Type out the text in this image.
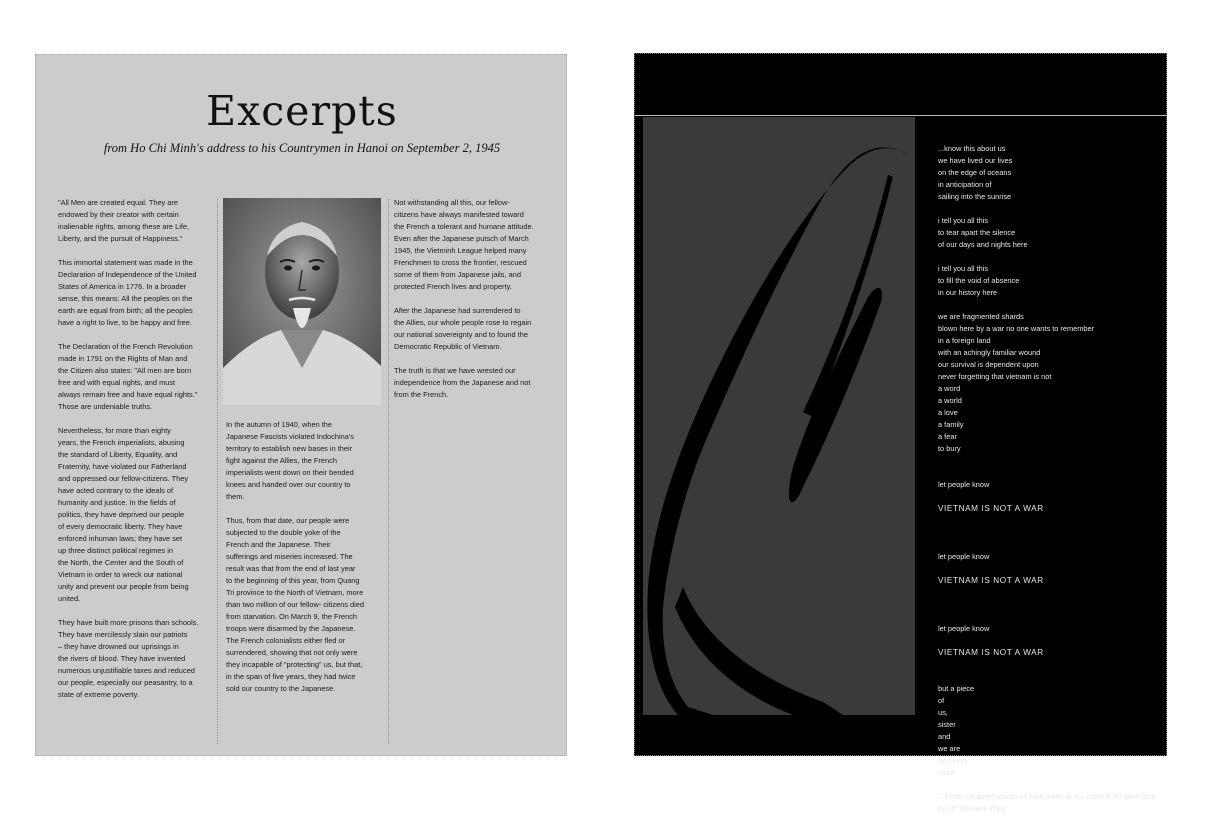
Excerpts

from Ho Chi Minh's address to his Countrymen in Hanoi on September 2, 1945

"All Men are created equal. They are
endowed by their creator with certain
inalienable rights, among these are Life,
Liberty, and the pursuit of Happiness."

This immortal statement was made in the
Declaration of Independence of the United
States of America in 1776. In a broader
sense, this means: All the peoples on the
earth are equal from birth; all the peoples
have a right to live, to be happy and free.

The Declaration of the French Revolution
made in 1791 on the Rights of Man and
the Citizen also states: "All men are born
free and with equal rights, and must
always remain free and have equal rights."
Those are undeniable truths.

Nevertheless, for more than eighty
years, the French imperialists, abusing
the standard of Liberty, Equality, and
Fraternity, have violated our Fatherland
and oppressed our fellow-citizens. They
have acted contrary to the ideals of
humanity and justice. In the fields of
politics, they have deprived our people
of every democratic liberty. They have
enforced inhuman laws; they have set
up three distinct political regimes in
the North, the Center and the South of
Vietnam in order to wreck our national
unity and prevent our people from being
united.

They have built more prisons than schools.
They have mercilessly slain our patriots
– they have drowned our uprisings in
the rivers of blood. They have invented
numerous unjustifiable taxes and reduced
our people, especially our peasantry, to a
state of extreme poverty.

In the autumn of 1940, when the
Japanese Fascists violated Indochina's
territory to establish new bases in their
fight against the Allies, the French
imperialists went down on their bended
knees and handed over our country to
them.

Thus, from that date, our people were
subjected to the double yoke of the
French and the Japanese. Their
sufferings and miseries increased. The
result was that from the end of last year
to the beginning of this year, from Quang
Tri province to the North of Vietnam, more
than two million of our fellow- citizens died
from starvation. On March 9, the French
troops were disarmed by the Japanese.
The French colonialists either fled or
surrendered, showing that not only were
they incapable of "protecting" us, but that,
in the span of five years, they had twice
sold our country to the Japanese.

Not withstanding all this, our fellow-
citizens have always manifested toward
the French a tolerant and humane attitude.
Even after the Japanese putsch of March
1945, the Vietminh League helped many
Frenchmen to cross the frontier, rescued
some of them from Japanese jails, and
protected French lives and property.

After the Japanese had surrendered to
the Allies, our whole people rose to regain
our national sovereignty and to found the
Democratic Republic of Vietnam.

The truth is that we have wrested our
independence from the Japanese and not
from the French.

...know this about us
we have lived our lives
on the edge of oceans
in anticipation of
sailing into the sunrise

i tell you all this
to tear apart the silence
of our days and nights here

i tell you all this
to fill the void of absence
in our history here

we are fragmented shards
blown here by a war no one wants to remember
in a foreign land
with an achingly familiar wound
our survival is dependent upon
never forgetting that vietnam is not
a word
a world
a love
a family
a fear
to bury

let people know

VIETNAM IS NOT A WAR

let people know

VIETNAM IS NOT A WAR

let people know

VIETNAM IS NOT A WAR

but a piece
of
us,
sister
and
we are
so much
more

—From shrapnel shards on blue water to my sister lê thi diem thúy by Lê Thi Diem Thúy
